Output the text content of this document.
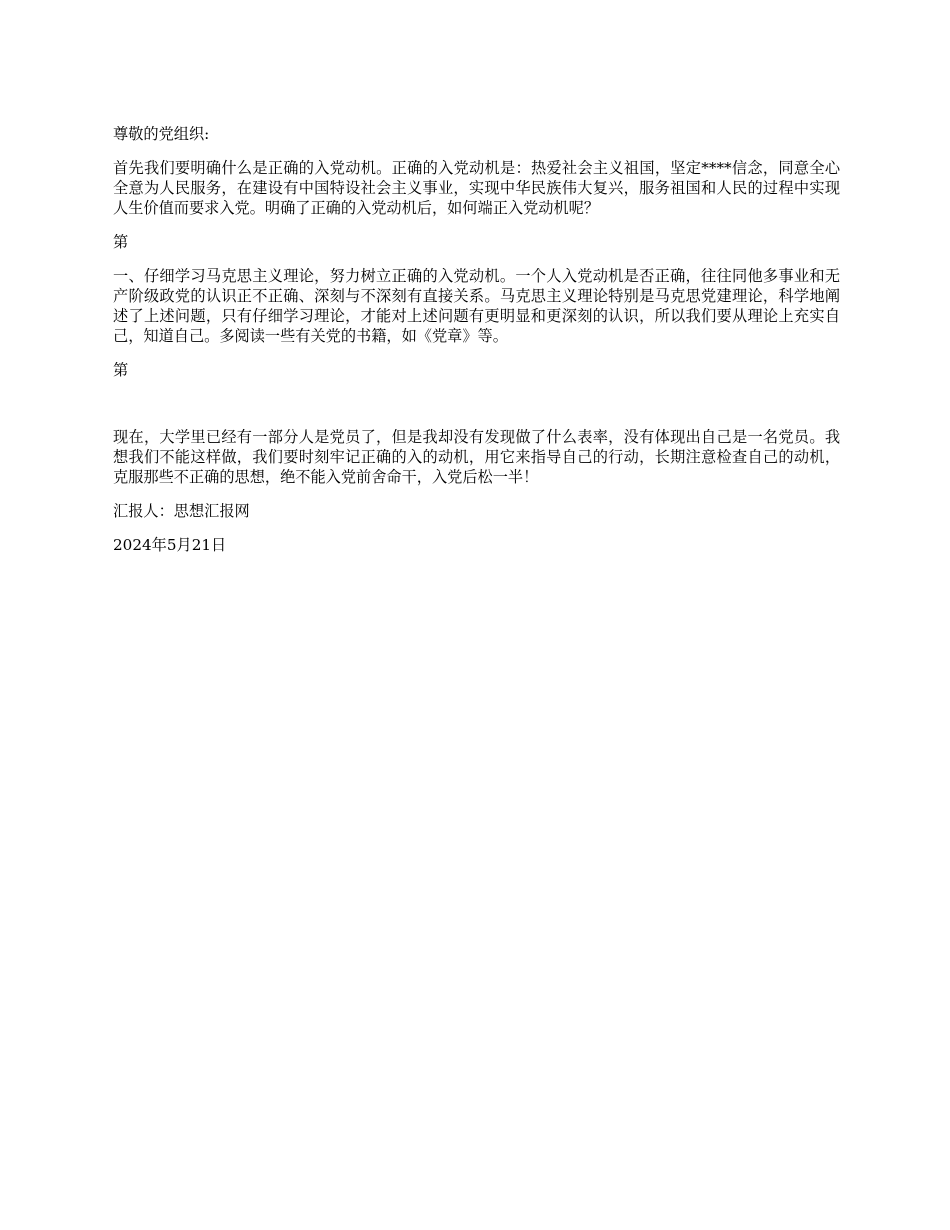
尊敬的党组织:

首先我们要明确什么是正确的入党动机。正确的入党动机是：热爱社会主义祖国，坚定****信念，同意全心全意为人民服务，在建设有中国特设社会主义事业，实现中华民族伟大复兴，服务祖国和人民的过程中实现人生价值而要求入党。明确了正确的入党动机后，如何端正入党动机呢？

第

一、仔细学习马克思主义理论，努力树立正确的入党动机。一个人入党动机是否正确，往往同他多事业和无产阶级政党的认识正不正确、深刻与不深刻有直接关系。马克思主义理论特别是马克思党建理论，科学地阐述了上述问题，只有仔细学习理论，才能对上述问题有更明显和更深刻的认识，所以我们要从理论上充实自己，知道自己。多阅读一些有关党的书籍，如《党章》等。

第

现在，大学里已经有一部分人是党员了，但是我却没有发现做了什么表率，没有体现出自己是一名党员。我想我们不能这样做，我们要时刻牢记正确的入的动机，用它来指导自己的行动，长期注意检查自己的动机，克服那些不正确的思想，绝不能入党前舍命干，入党后松一半！

汇报人：思想汇报网

2024年5月21日
